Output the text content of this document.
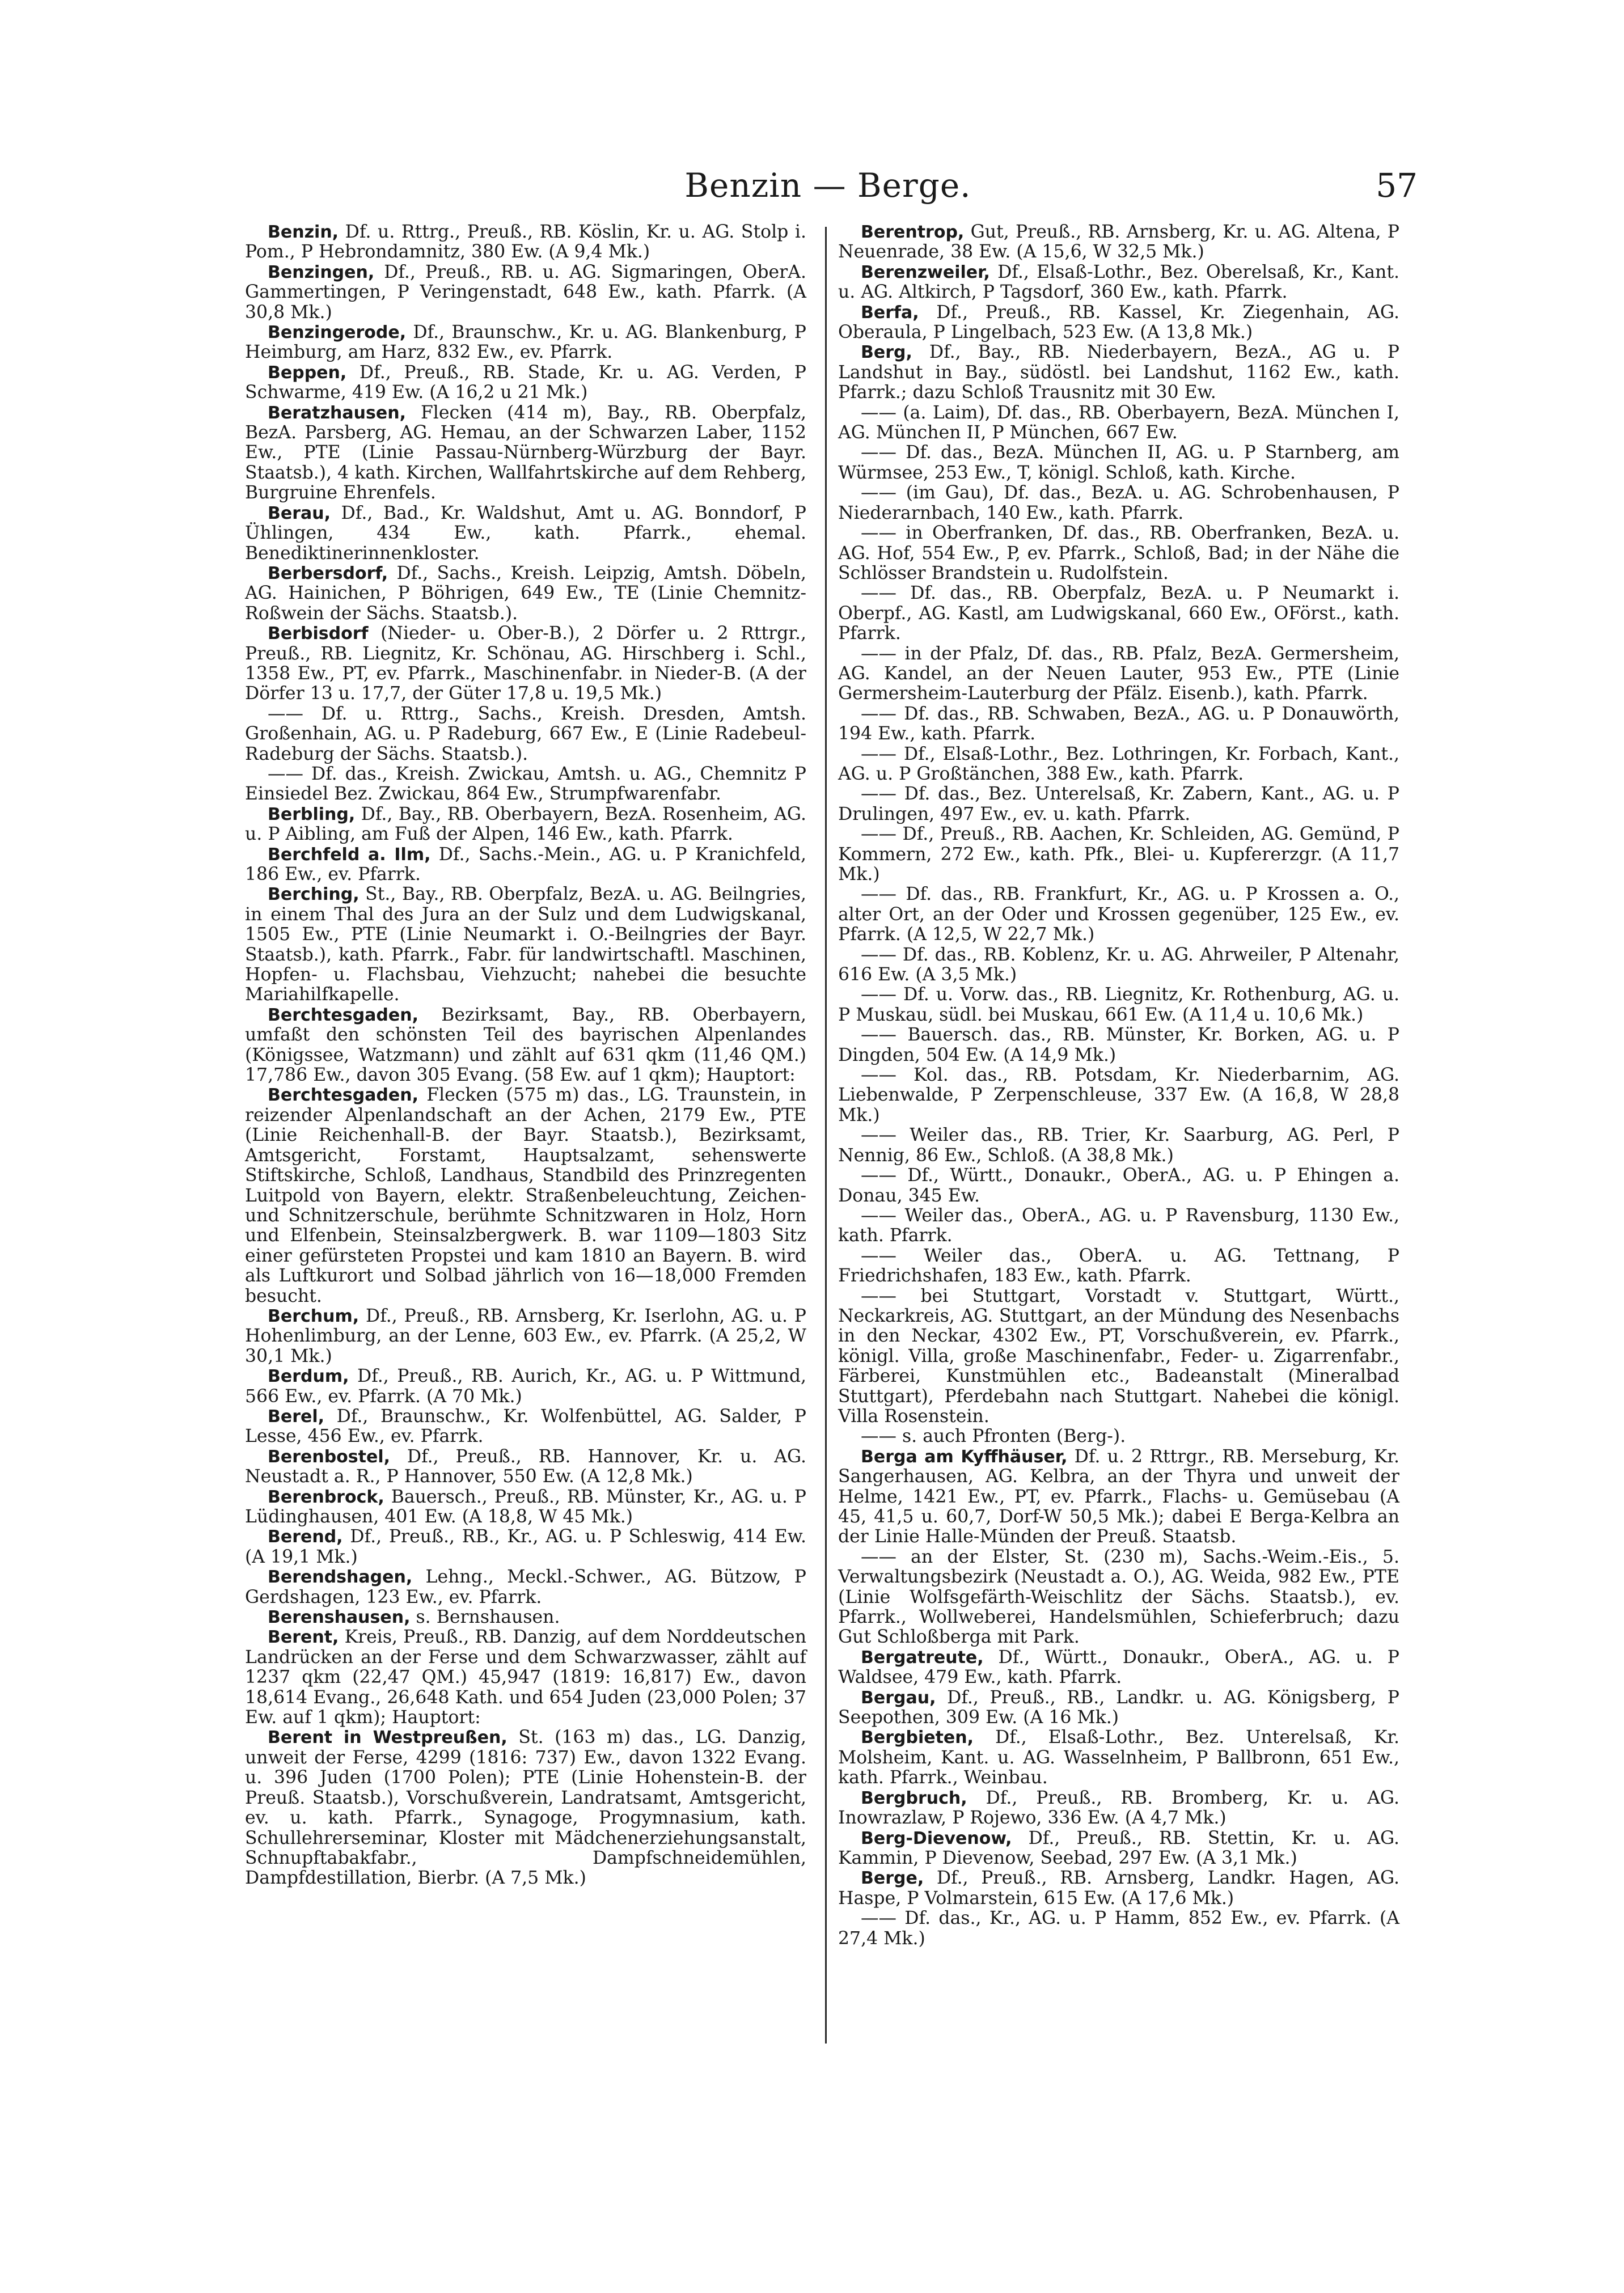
Benzin — Berge.	57

Benzin, Df. u. Rttrg., Preuß., RB. Köslin, Kr. u. AG. Stolp i. Pom., P Hebrondamnitz, 380 Ew. (A 9,4 Mk.)

Benzingen, Df., Preuß., RB. u. AG. Sigmaringen, OberA. Gammertingen, P Veringenstadt, 648 Ew., kath. Pfarrk. (A 30,8 Mk.)

Benzingerode, Df., Braunschw., Kr. u. AG. Blankenburg, P Heimburg, am Harz, 832 Ew., ev. Pfarrk.

Beppen, Df., Preuß., RB. Stade, Kr. u. AG. Verden, P Schwarme, 419 Ew. (A 16,2 u 21 Mk.)

Beratzhausen, Flecken (414 m), Bay., RB. Oberpfalz, BezA. Parsberg, AG. Hemau, an der Schwarzen Laber, 1152 Ew., PTE (Linie Passau-Nürnberg-Würzburg der Bayr. Staatsb.), 4 kath. Kirchen, Wallfahrtskirche auf dem Rehberg, Burgruine Ehrenfels.

Berau, Df., Bad., Kr. Waldshut, Amt u. AG. Bonndorf, P Ühlingen, 434 Ew., kath. Pfarrk., ehemal. Benediktinerinnenkloster.

Berbersdorf, Df., Sachs., Kreish. Leipzig, Amtsh. Döbeln, AG. Hainichen, P Böhrigen, 649 Ew., TE (Linie Chemnitz-Roßwein der Sächs. Staatsb.).

Berbisdorf (Nieder- u. Ober-B.), 2 Dörfer u. 2 Rttrgr., Preuß., RB. Liegnitz, Kr. Schönau, AG. Hirschberg i. Schl., 1358 Ew., PT, ev. Pfarrk., Maschinenfabr. in Nieder-B. (A der Dörfer 13 u. 17,7, der Güter 17,8 u. 19,5 Mk.)

—— Df. u. Rttrg., Sachs., Kreish. Dresden, Amtsh. Großenhain, AG. u. P Radeburg, 667 Ew., E (Linie Radebeul-Radeburg der Sächs. Staatsb.).

—— Df. das., Kreish. Zwickau, Amtsh. u. AG., Chemnitz P Einsiedel Bez. Zwickau, 864 Ew., Strumpfwarenfabr.

Berbling, Df., Bay., RB. Oberbayern, BezA. Rosenheim, AG. u. P Aibling, am Fuß der Alpen, 146 Ew., kath. Pfarrk.

Berchfeld a. Ilm, Df., Sachs.-Mein., AG. u. P Kranichfeld, 186 Ew., ev. Pfarrk.

Berching, St., Bay., RB. Oberpfalz, BezA. u. AG. Beilngries, in einem Thal des Jura an der Sulz und dem Ludwigskanal, 1505 Ew., PTE (Linie Neumarkt i. O.-Beilngries der Bayr. Staatsb.), kath. Pfarrk., Fabr. für landwirtschaftl. Maschinen, Hopfen- u. Flachsbau, Viehzucht; nahebei die besuchte Mariahilfkapelle.

Berchtesgaden, Bezirksamt, Bay., RB. Oberbayern, umfaßt den schönsten Teil des bayrischen Alpenlandes (Königssee, Watzmann) und zählt auf 631 qkm (11,46 QM.) 17,786 Ew., davon 305 Evang. (58 Ew. auf 1 qkm); Hauptort:

Berchtesgaden, Flecken (575 m) das., LG. Traunstein, in reizender Alpenlandschaft an der Achen, 2179 Ew., PTE (Linie Reichenhall-B. der Bayr. Staatsb.), Bezirksamt, Amtsgericht, Forstamt, Hauptsalzamt, sehenswerte Stiftskirche, Schloß, Landhaus, Standbild des Prinzregenten Luitpold von Bayern, elektr. Straßenbeleuchtung, Zeichen- und Schnitzerschule, berühmte Schnitzwaren in Holz, Horn und Elfenbein, Steinsalzbergwerk. B. war 1109—1803 Sitz einer gefürsteten Propstei und kam 1810 an Bayern. B. wird als Luftkurort und Solbad jährlich von 16—18,000 Fremden besucht.

Berchum, Df., Preuß., RB. Arnsberg, Kr. Iserlohn, AG. u. P Hohenlimburg, an der Lenne, 603 Ew., ev. Pfarrk. (A 25,2, W 30,1 Mk.)

Berdum, Df., Preuß., RB. Aurich, Kr., AG. u. P Wittmund, 566 Ew., ev. Pfarrk. (A 70 Mk.)

Berel, Df., Braunschw., Kr. Wolfenbüttel, AG. Salder, P Lesse, 456 Ew., ev. Pfarrk.

Berenbostel, Df., Preuß., RB. Hannover, Kr. u. AG. Neustadt a. R., P Hannover, 550 Ew. (A 12,8 Mk.)

Berenbrock, Bauersch., Preuß., RB. Münster, Kr., AG. u. P Lüdinghausen, 401 Ew. (A 18,8, W 45 Mk.)

Berend, Df., Preuß., RB., Kr., AG. u. P Schleswig, 414 Ew. (A 19,1 Mk.)

Berendshagen, Lehng., Meckl.-Schwer., AG. Bützow, P Gerdshagen, 123 Ew., ev. Pfarrk.

Berenshausen, s. Bernshausen.

Berent, Kreis, Preuß., RB. Danzig, auf dem Norddeutschen Landrücken an der Ferse und dem Schwarzwasser, zählt auf 1237 qkm (22,47 QM.) 45,947 (1819: 16,817) Ew., davon 18,614 Evang., 26,648 Kath. und 654 Juden (23,000 Polen; 37 Ew. auf 1 qkm); Hauptort:

Berent in Westpreußen, St. (163 m) das., LG. Danzig, unweit der Ferse, 4299 (1816: 737) Ew., davon 1322 Evang. u. 396 Juden (1700 Polen); PTE (Linie Hohenstein-B. der Preuß. Staatsb.), Vorschußverein, Landratsamt, Amtsgericht, ev. u. kath. Pfarrk., Synagoge, Progymnasium, kath. Schullehrerseminar, Kloster mit Mädchenerziehungsanstalt, Schnupftabakfabr., Dampfschneidemühlen, Dampfdestillation, Bierbr. (A 7,5 Mk.)

Berentrop, Gut, Preuß., RB. Arnsberg, Kr. u. AG. Altena, P Neuenrade, 38 Ew. (A 15,6, W 32,5 Mk.)

Berenzweiler, Df., Elsaß-Lothr., Bez. Oberelsaß, Kr., Kant. u. AG. Altkirch, P Tagsdorf, 360 Ew., kath. Pfarrk.

Berfa, Df., Preuß., RB. Kassel, Kr. Ziegenhain, AG. Oberaula, P Lingelbach, 523 Ew. (A 13,8 Mk.)

Berg, Df., Bay., RB. Niederbayern, BezA., AG u. P Landshut in Bay., südöstl. bei Landshut, 1162 Ew., kath. Pfarrk.; dazu Schloß Trausnitz mit 30 Ew.

—— (a. Laim), Df. das., RB. Oberbayern, BezA. München I, AG. München II, P München, 667 Ew.

—— Df. das., BezA. München II, AG. u. P Starnberg, am Würmsee, 253 Ew., T, königl. Schloß, kath. Kirche.

—— (im Gau), Df. das., BezA. u. AG. Schrobenhausen, P Niederarnbach, 140 Ew., kath. Pfarrk.

—— in Oberfranken, Df. das., RB. Oberfranken, BezA. u. AG. Hof, 554 Ew., P, ev. Pfarrk., Schloß, Bad; in der Nähe die Schlösser Brandstein u. Rudolfstein.

—— Df. das., RB. Oberpfalz, BezA. u. P Neumarkt i. Oberpf., AG. Kastl, am Ludwigskanal, 660 Ew., OFörst., kath. Pfarrk.

—— in der Pfalz, Df. das., RB. Pfalz, BezA. Germersheim, AG. Kandel, an der Neuen Lauter, 953 Ew., PTE (Linie Germersheim-Lauterburg der Pfälz. Eisenb.), kath. Pfarrk.

—— Df. das., RB. Schwaben, BezA., AG. u. P Donauwörth, 194 Ew., kath. Pfarrk.

—— Df., Elsaß-Lothr., Bez. Lothringen, Kr. Forbach, Kant., AG. u. P Großtänchen, 388 Ew., kath. Pfarrk.

—— Df. das., Bez. Unterelsaß, Kr. Zabern, Kant., AG. u. P Drulingen, 497 Ew., ev. u. kath. Pfarrk.

—— Df., Preuß., RB. Aachen, Kr. Schleiden, AG. Gemünd, P Kommern, 272 Ew., kath. Pfk., Blei- u. Kupfererzgr. (A 11,7 Mk.)

—— Df. das., RB. Frankfurt, Kr., AG. u. P Krossen a. O., alter Ort, an der Oder und Krossen gegenüber, 125 Ew., ev. Pfarrk. (A 12,5, W 22,7 Mk.)

—— Df. das., RB. Koblenz, Kr. u. AG. Ahrweiler, P Altenahr, 616 Ew. (A 3,5 Mk.)

—— Df. u. Vorw. das., RB. Liegnitz, Kr. Rothenburg, AG. u. P Muskau, südl. bei Muskau, 661 Ew. (A 11,4 u. 10,6 Mk.)

—— Bauersch. das., RB. Münster, Kr. Borken, AG. u. P Dingden, 504 Ew. (A 14,9 Mk.)

—— Kol. das., RB. Potsdam, Kr. Niederbarnim, AG. Liebenwalde, P Zerpenschleuse, 337 Ew. (A 16,8, W 28,8 Mk.)

—— Weiler das., RB. Trier, Kr. Saarburg, AG. Perl, P Nennig, 86 Ew., Schloß. (A 38,8 Mk.)

—— Df., Württ., Donaukr., OberA., AG. u. P Ehingen a. Donau, 345 Ew.

—— Weiler das., OberA., AG. u. P Ravensburg, 1130 Ew., kath. Pfarrk.

—— Weiler das., OberA. u. AG. Tettnang, P Friedrichshafen, 183 Ew., kath. Pfarrk.

—— bei Stuttgart, Vorstadt v. Stuttgart, Württ., Neckarkreis, AG. Stuttgart, an der Mündung des Nesenbachs in den Neckar, 4302 Ew., PT, Vorschußverein, ev. Pfarrk., königl. Villa, große Maschinenfabr., Feder- u. Zigarrenfabr., Färberei, Kunstmühlen etc., Badeanstalt (Mineralbad Stuttgart), Pferdebahn nach Stuttgart. Nahebei die königl. Villa Rosenstein.

—— s. auch Pfronten (Berg-).

Berga am Kyffhäuser, Df. u. 2 Rttrgr., RB. Merseburg, Kr. Sangerhausen, AG. Kelbra, an der Thyra und unweit der Helme, 1421 Ew., PT, ev. Pfarrk., Flachs- u. Gemüsebau (A 45, 41,5 u. 60,7, Dorf-W 50,5 Mk.); dabei E Berga-Kelbra an der Linie Halle-Münden der Preuß. Staatsb.

—— an der Elster, St. (230 m), Sachs.-Weim.-Eis., 5. Verwaltungsbezirk (Neustadt a. O.), AG. Weida, 982 Ew., PTE (Linie Wolfsgefärth-Weischlitz der Sächs. Staatsb.), ev. Pfarrk., Wollweberei, Handelsmühlen, Schieferbruch; dazu Gut Schloßberga mit Park.

Bergatreute, Df., Württ., Donaukr., OberA., AG. u. P Waldsee, 479 Ew., kath. Pfarrk.

Bergau, Df., Preuß., RB., Landkr. u. AG. Königsberg, P Seepothen, 309 Ew. (A 16 Mk.)

Bergbieten, Df., Elsaß-Lothr., Bez. Unterelsaß, Kr. Molsheim, Kant. u. AG. Wasselnheim, P Ballbronn, 651 Ew., kath. Pfarrk., Weinbau.

Bergbruch, Df., Preuß., RB. Bromberg, Kr. u. AG. Inowrazlaw, P Rojewo, 336 Ew. (A 4,7 Mk.)

Berg-Dievenow, Df., Preuß., RB. Stettin, Kr. u. AG. Kammin, P Dievenow, Seebad, 297 Ew. (A 3,1 Mk.)

Berge, Df., Preuß., RB. Arnsberg, Landkr. Hagen, AG. Haspe, P Volmarstein, 615 Ew. (A 17,6 Mk.)

—— Df. das., Kr., AG. u. P Hamm, 852 Ew., ev. Pfarrk. (A 27,4 Mk.)
